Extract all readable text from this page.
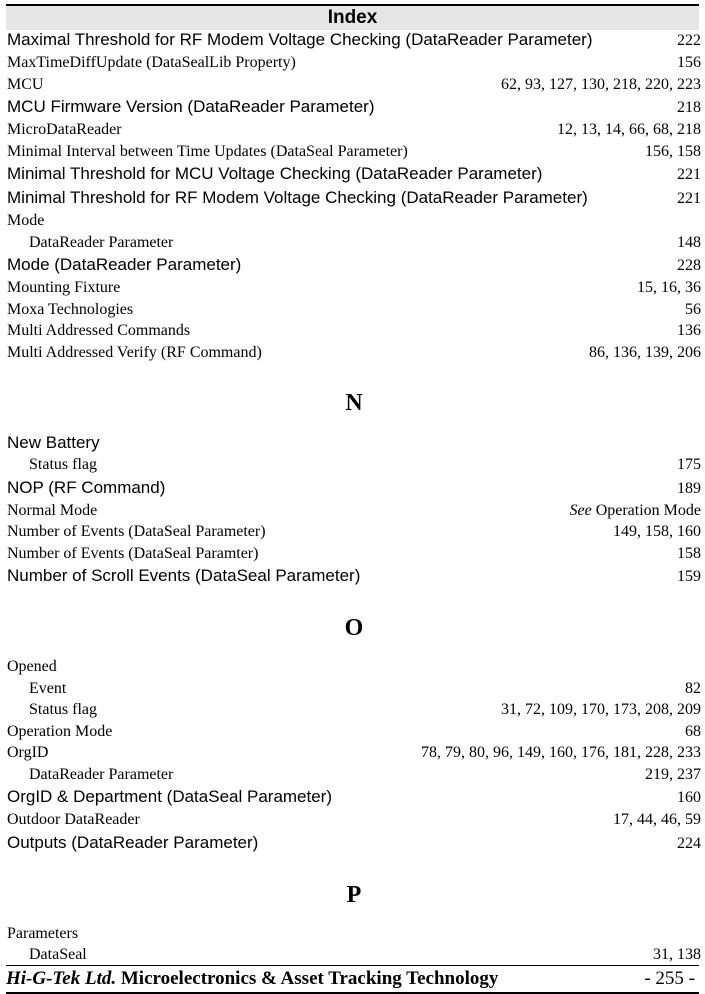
Index
Maximal Threshold for RF Modem Voltage Checking (DataReader Parameter)	222
MaxTimeDiffUpdate (DataSealLib Property)	156
MCU	62, 93, 127, 130, 218, 220, 223
MCU Firmware Version (DataReader Parameter)	218
MicroDataReader	12, 13, 14, 66, 68, 218
Minimal Interval between Time Updates (DataSeal Parameter)	156, 158
Minimal Threshold for MCU Voltage Checking (DataReader Parameter)	221
Minimal Threshold for RF Modem Voltage Checking (DataReader Parameter)	221
Mode
DataReader Parameter	148
Mode (DataReader Parameter)	228
Mounting Fixture	15, 16, 36
Moxa Technologies	56
Multi Addressed Commands	136
Multi Addressed Verify (RF Command)	86, 136, 139, 206
N
New Battery
Status flag	175
NOP (RF Command)	189
Normal Mode	See Operation Mode
Number of Events (DataSeal Parameter)	149, 158, 160
Number of Events (DataSeal Paramter)	158
Number of Scroll Events (DataSeal Parameter)	159
O
Opened
Event	82
Status flag	31, 72, 109, 170, 173, 208, 209
Operation Mode	68
OrgID	78, 79, 80, 96, 149, 160, 176, 181, 228, 233
DataReader Parameter	219, 237
OrgID & Department (DataSeal Parameter)	160
Outdoor DataReader	17, 44, 46, 59
Outputs (DataReader Parameter)	224
P
Parameters
DataSeal	31, 138
Hi-G-Tek Ltd. Microelectronics & Asset Tracking Technology	- 255 -
